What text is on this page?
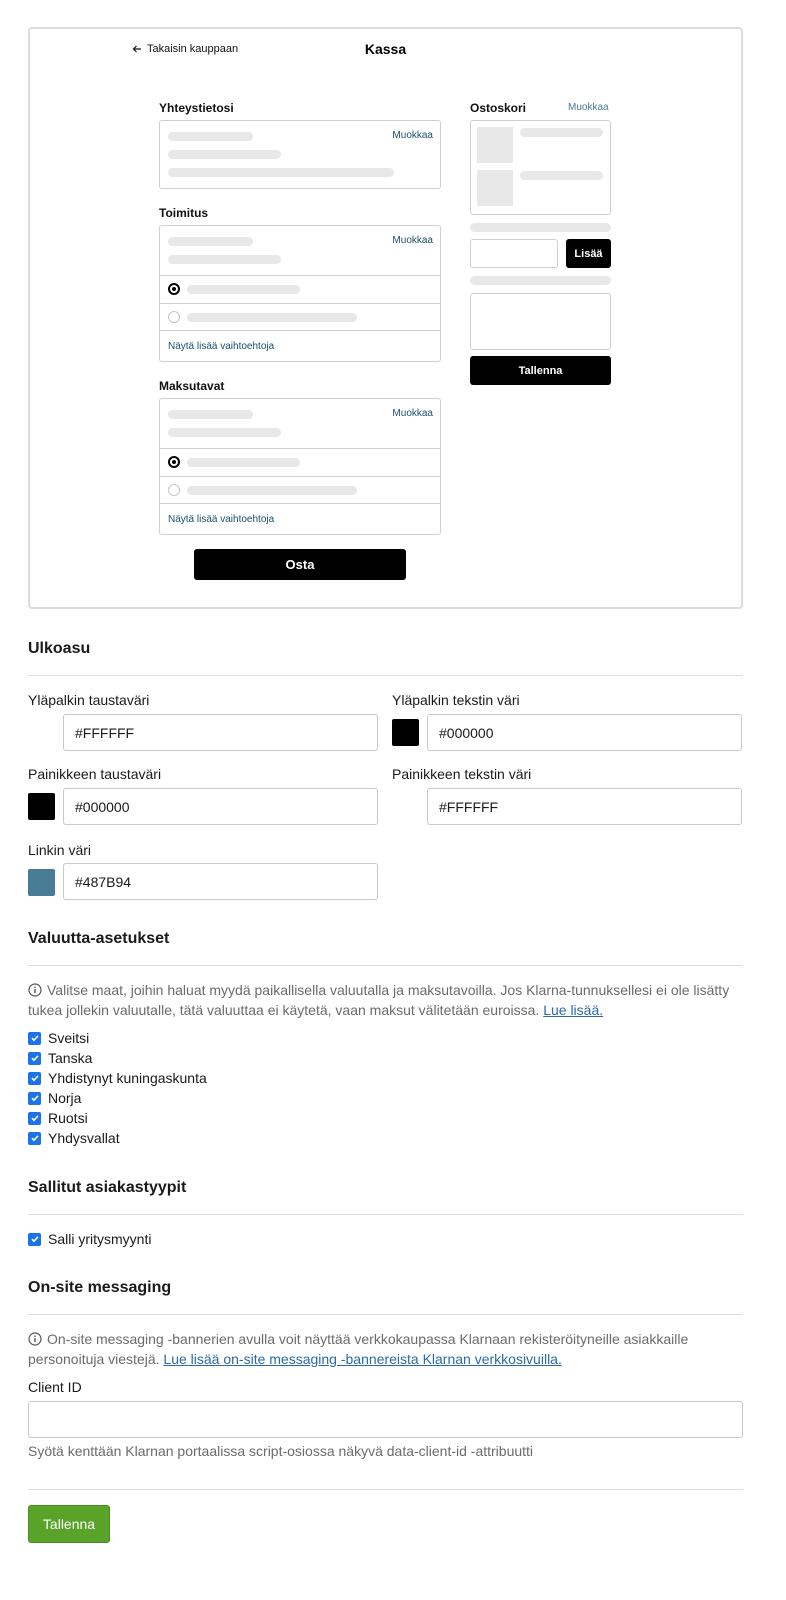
Takaisin kauppaan	Kassa
Yhteystietosi
Muokkaa
Toimitus
Muokkaa
Näytä lisää vaihtoehtoja
Maksutavat
Muokkaa
Näytä lisää vaihtoehtoja
Osta
Ostoskori	Muokkaa
Lisää
Tallenna
Ulkoasu
Yläpalkin taustaväri
#FFFFFF
Yläpalkin tekstin väri
#000000
Painikkeen taustaväri
#000000
Painikkeen tekstin väri
#FFFFFF
Linkin väri
#487B94
Valuutta-asetukset
Valitse maat, joihin haluat myydä paikallisella valuutalla ja maksutavoilla. Jos Klarna-tunnuksellesi ei ole lisätty tukea jollekin valuutalle, tätä valuuttaa ei käytetä, vaan maksut välitetään euroissa. Lue lisää.
Sveitsi
Tanska
Yhdistynyt kuningaskunta
Norja
Ruotsi
Yhdysvallat
Sallitut asiakastyypit
Salli yritysmyynti
On-site messaging
On-site messaging -bannerien avulla voit näyttää verkkokaupassa Klarnaan rekisteröityneille asiakkaille personoituja viestejä. Lue lisää on-site messaging -bannereista Klarnan verkkosivuilla.
Client ID
Syötä kenttään Klarnan portaalissa script-osiossa näkyvä data-client-id -attribuutti
Tallenna
